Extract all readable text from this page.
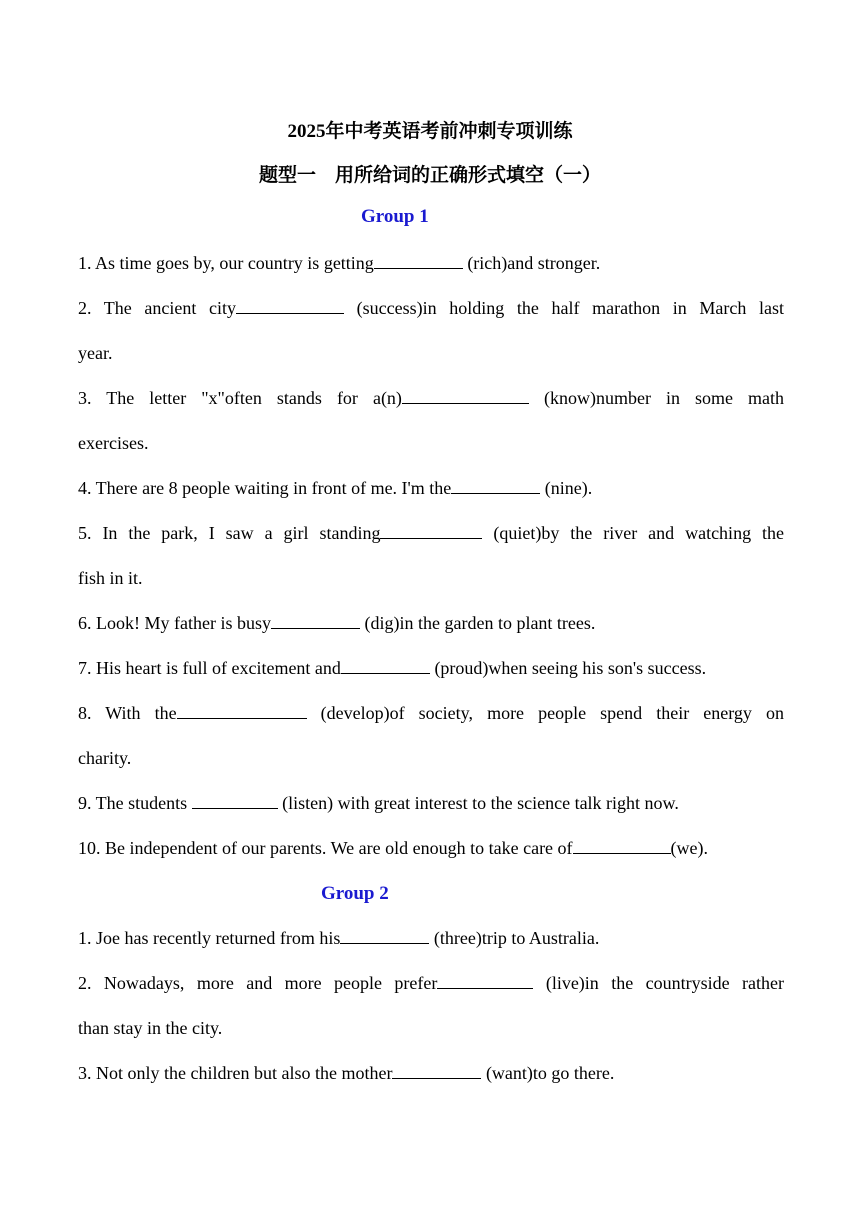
2025年中考英语考前冲刺专项训练
题型一　用所给词的正确形式填空（一）
Group 1
1. As time goes by, our country is getting	(rich)and stronger.
2. The ancient city	(success)in holding the half marathon in March last
year.
3. The letter "x"often stands for a(n)	(know)number in some math
exercises.
4. There are 8 people waiting in front of me. I'm the	(nine).
5. In the park, I saw a girl standing	(quiet)by the river and watching the
fish in it.
6. Look! My father is busy	(dig)in the garden to plant trees.
7. His heart is full of excitement and	(proud)when seeing his son's success.
8. With the	(develop)of society, more people spend their energy on
charity.
9. The students	(listen) with great interest to the science talk right now.
10. Be independent of our parents. We are old enough to take care of	(we).
Group 2
1. Joe has recently returned from his	(three)trip to Australia.
2. Nowadays, more and more people prefer	(live)in the countryside rather
than stay in the city.
3. Not only the children but also the mother	(want)to go there.
